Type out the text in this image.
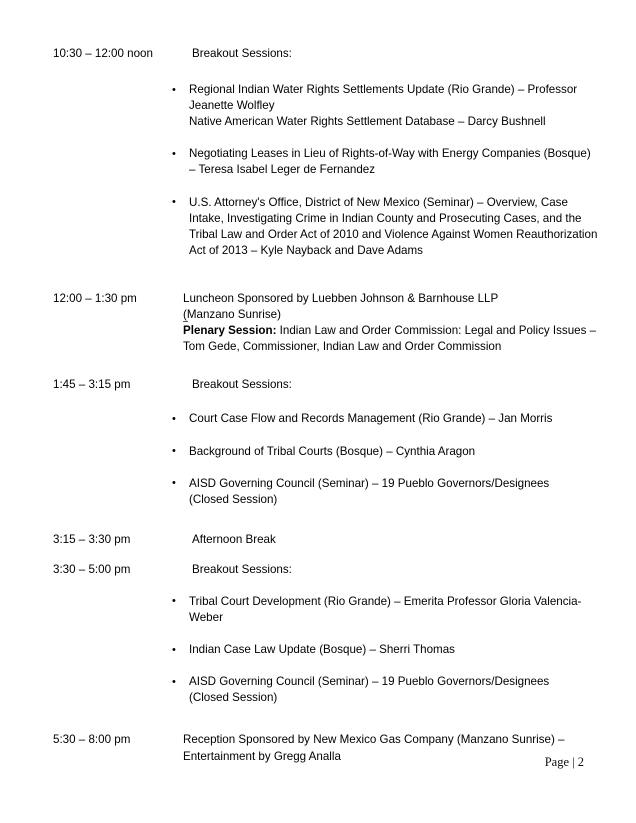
10:30 – 12:00 noon	Breakout Sessions:
• Regional Indian Water Rights Settlements Update (Rio Grande) – Professor Jeanette Wolfley
Native American Water Rights Settlement Database – Darcy Bushnell
• Negotiating Leases in Lieu of Rights-of-Way with Energy Companies (Bosque) – Teresa Isabel Leger de Fernandez
• U.S. Attorney's Office, District of New Mexico (Seminar) – Overview, Case Intake, Investigating Crime in Indian County and Prosecuting Cases, and the Tribal Law and Order Act of 2010 and Violence Against Women Reauthorization Act of 2013 – Kyle Nayback and Dave Adams
12:00 – 1:30 pm	Luncheon Sponsored by Luebben Johnson & Barnhouse LLP
(Manzano Sunrise)
Plenary Session: Indian Law and Order Commission: Legal and Policy Issues – Tom Gede, Commissioner, Indian Law and Order Commission
1:45 – 3:15 pm	Breakout Sessions:
• Court Case Flow and Records Management (Rio Grande) – Jan Morris
• Background of Tribal Courts (Bosque) – Cynthia Aragon
• AISD Governing Council (Seminar) – 19 Pueblo Governors/Designees (Closed Session)
3:15 – 3:30 pm	Afternoon Break
3:30 – 5:00 pm	Breakout Sessions:
• Tribal Court Development (Rio Grande) – Emerita Professor Gloria Valencia- Weber
• Indian Case Law Update (Bosque) – Sherri Thomas
• AISD Governing Council (Seminar) – 19 Pueblo Governors/Designees (Closed Session)
5:30 – 8:00 pm	Reception Sponsored by New Mexico Gas Company (Manzano Sunrise) – Entertainment by Gregg Analla	Page | 2
